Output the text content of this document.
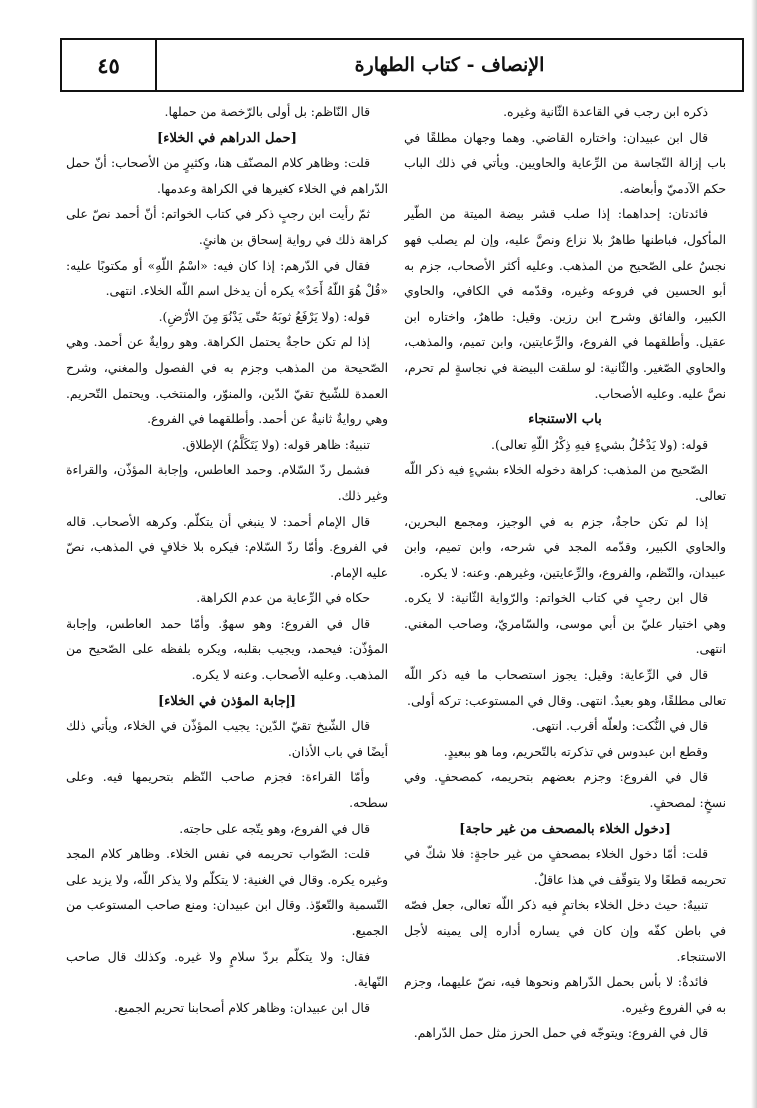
٤٥	الإنصاف - كتاب الطهارة

ذكره ابن رجب في القاعدة الثّانية وغيره.

قال ابن عبيدان: واختاره القاضي. وهما وجهان مطلقًا في باب إزالة النّجاسة من الرِّعاية والحاويين. ويأتي في ذلك الباب حكم الآدميّ وأبعاضه.

فائدتان: إحداهما: إذا صلب قشر بيضة الميتة من الطّير المأكول، فباطنها طاهرٌ بلا نزاع ونصَّ عليه، وإن لم يصلب فهو نجسٌ على الصّحيح من المذهب. وعليه أكثر الأصحاب، جزم به أبو الحسين في فروعه وغيره، وقدّمه في الكافي، والحاوي الكبير، والفائق وشرح ابن رزين. وقيل: طاهرٌ، واختاره ابن عقيل. وأطلقهما في الفروع، والرِّعايتين، وابن تميم، والمذهب، والحاوي الصّغير. والثّانية: لو سلقت البيضة في نجاسةٍ لم تحرم، نصَّ عليه. وعليه الأصحاب.

باب الاستنجاء

قوله: (ولا يَدْخُلُ بشيءٍ فيهِ ذِكْرُ اللّهِ تعالى).

الصّحيح من المذهب: كراهة دخوله الخلاء بشيءٍ فيه ذكر اللّه تعالى.

إذا لم تكن حاجةٌ، جزم به في الوجيز، ومجمع البحرين، والحاوي الكبير، وقدّمه المجد في شرحه، وابن تميم، وابن عبيدان، والنّظم، والفروع، والرِّعايتين، وغيرهم. وعنه: لا يكره.

قال ابن رجبٍ في كتاب الخواتم: والرّواية الثّانية: لا يكره. وهي اختيار عليّ بن أبي موسى، والسّامريّ، وصاحب المغني. انتهى.

قال في الرِّعاية: وقيل: يجوز استصحاب ما فيه ذكر اللّه تعالى مطلقًا، وهو بعيدٌ. انتهى. وقال في المستوعب: تركه أولى.

قال في النُّكت: ولعلّه أقرب. انتهى.

وقطع ابن عبدوس في تذكرته بالتّحريم، وما هو ببعيدٍ.

قال في الفروع: وجزم بعضهم بتحريمه، كمصحفٍ. وفي نسخٍ: لمصحفٍ.

[دخول الخلاء بالمصحف من غير حاجة]

قلت: أمّا دخول الخلاء بمصحفٍ من غير حاجةٍ: فلا شكّ في تحريمه قطعًا ولا يتوقّف في هذا عاقلٌ.

تنبيهٌ: حيث دخل الخلاء بخاتمٍ فيه ذكر اللّه تعالى، جعل فصّه في باطن كفّه وإن كان في يساره أداره إلى يمينه لأجل الاستنجاء.

فائدةٌ: لا بأس بحمل الدّراهم ونحوها فيه، نصّ عليهما، وجزم به في الفروع وغيره.

قال في الفروع: ويتوجّه في حمل الحرز مثل حمل الدّراهم.

قال النّاظم: بل أولى بالرّخصة من حملها.

[حمل الدراهم في الخلاء]

قلت: وظاهر كلام المصنّف هنا، وكثيرٍ من الأصحاب: أنّ حمل الدّراهم في الخلاء كغيرها في الكراهة وعدمها.

ثمّ رأيت ابن رجبٍ ذكر في كتاب الخواتم: أنّ أحمد نصّ على كراهة ذلك في رواية إسحاق بن هانئٍ.

فقال في الدّرهم: إذا كان فيه: «اسْمُ اللّهِ» أو مكتوبًا عليه: «قُلْ هُوَ اللّهُ أَحَدٌ» يكره أن يدخل اسم اللّه الخلاء. انتهى.

قوله: (ولا يَرْفَعُ ثوبَهُ حتّى يَدْنُوَ مِنَ الأرْضِ).

إذا لم تكن حاجةٌ يحتمل الكراهة. وهو روايةٌ عن أحمد. وهي الصّحيحة من المذهب وجزم به في الفصول والمغني، وشرح العمدة للشّيخ تقيّ الدّين، والمنوّر، والمنتخب. ويحتمل التّحريم. وهي روايةٌ ثانيةٌ عن أحمد. وأطلقهما في الفروع.

تنبيهٌ: ظاهر قوله: (ولا يَتَكَلَّمُ) الإطلاق.

فشمل ردّ السّلام. وحمد العاطس، وإجابة المؤذّن، والقراءة وغير ذلك.

قال الإمام أحمد: لا ينبغي أن يتكلّم. وكرهه الأصحاب. قاله في الفروع. وأمّا ردّ السّلام: فيكره بلا خلافٍ في المذهب، نصّ عليه الإمام.

حكاه في الرِّعاية من عدم الكراهة.

قال في الفروع: وهو سهوٌ. وأمّا حمد العاطس، وإجابة المؤذّن: فيحمد، ويجيب بقلبه، ويكره بلفظه على الصّحيح من المذهب. وعليه الأصحاب. وعنه لا يكره.

[إجابة المؤذن في الخلاء]

قال الشّيخ تقيّ الدّين: يجيب المؤذّن في الخلاء، ويأتي ذلك أيضًا في باب الأذان.

وأمّا القراءة: فجزم صاحب النّظم بتحريمها فيه. وعلى سطحه.

قال في الفروع، وهو يتّجه على حاجته.

قلت: الصّواب تحريمه في نفس الخلاء. وظاهر كلام المجد وغيره يكره. وقال في الغنية: لا يتكلّم ولا يذكر اللّه، ولا يزيد على التّسمية والتّعوّذ. وقال ابن عبيدان: ومنع صاحب المستوعب من الجميع.

فقال: ولا يتكلّم بردّ سلامٍ ولا غيره. وكذلك قال صاحب النّهاية.

قال ابن عبيدان: وظاهر كلام أصحابنا تحريم الجميع.
